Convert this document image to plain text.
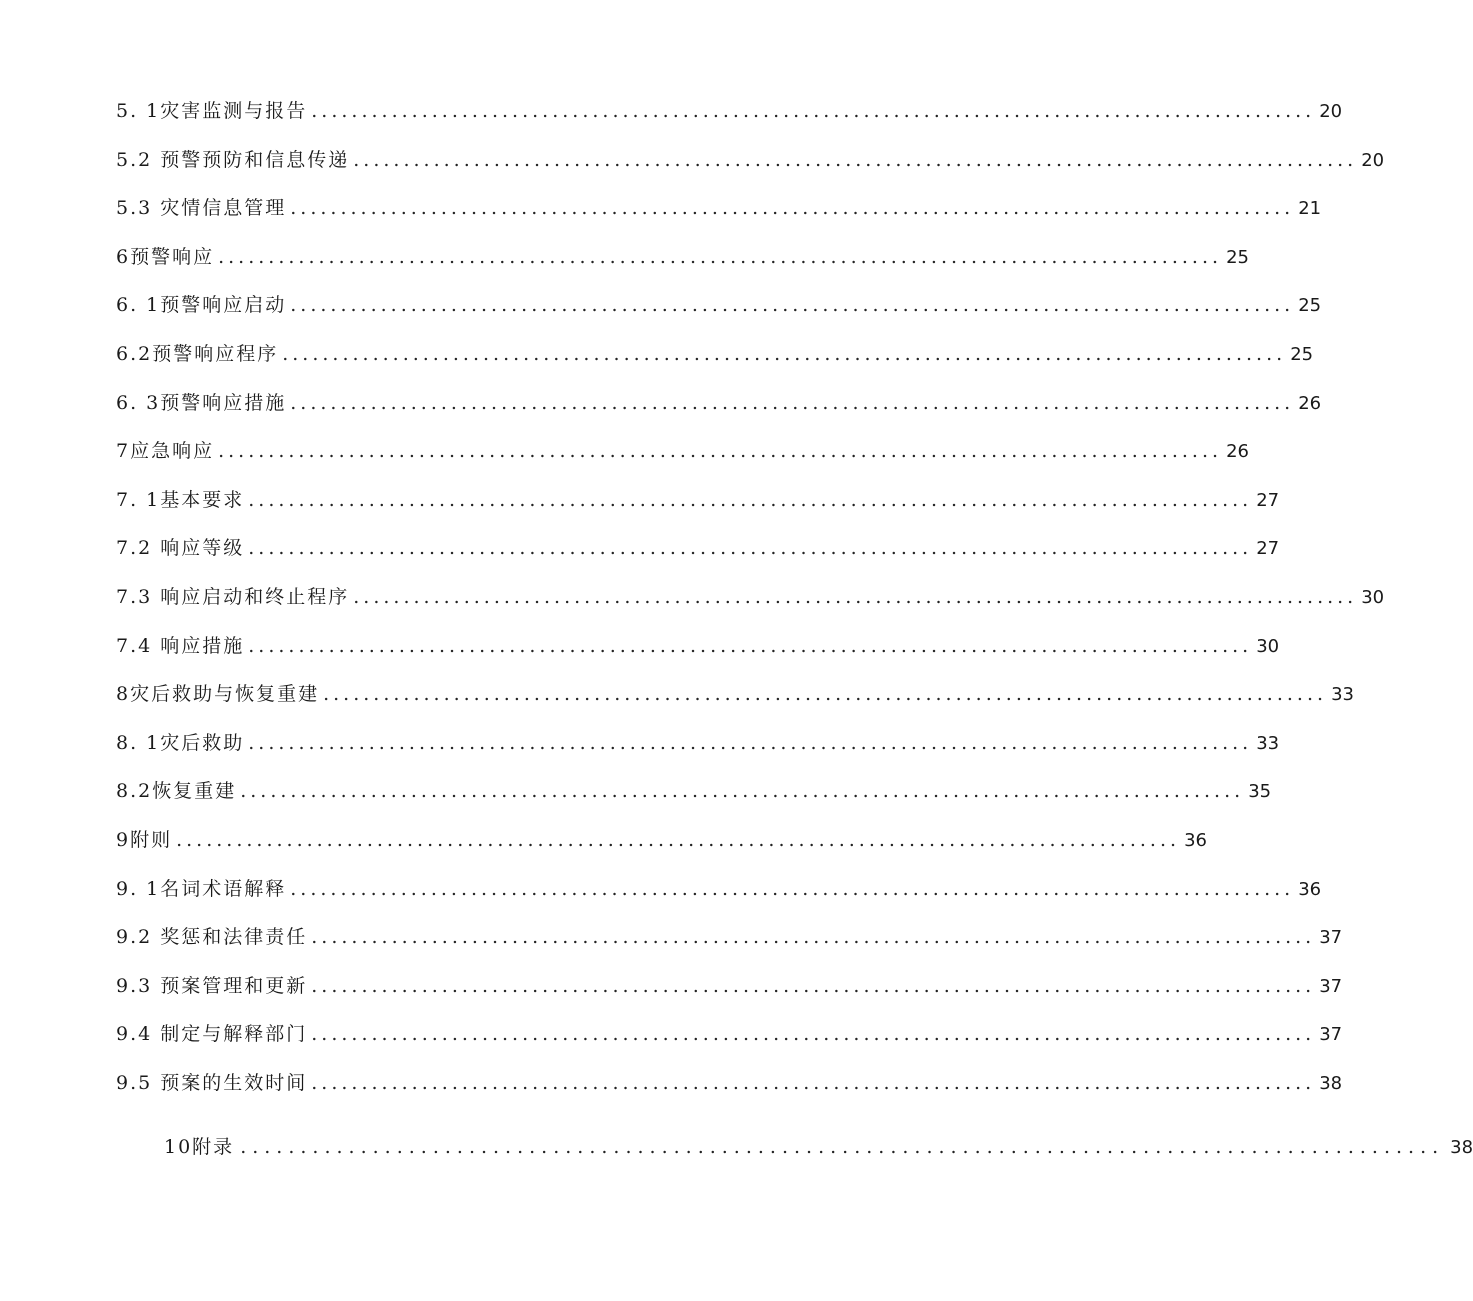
5. 1灾害监测与报告 .................................................................................................... 20
5.2 预警预防和信息传递 .................................................................................................... 20
5.3 灾情信息管理 .................................................................................................... 21
6预警响应 .................................................................................................... 25
6. 1预警响应启动 .................................................................................................... 25
6.2预警响应程序 .................................................................................................... 25
6. 3预警响应措施 .................................................................................................... 26
7应急响应 .................................................................................................... 26
7. 1基本要求 .................................................................................................... 27
7.2 响应等级 .................................................................................................... 27
7.3 响应启动和终止程序 .................................................................................................... 30
7.4 响应措施 .................................................................................................... 30
8灾后救助与恢复重建 .................................................................................................... 33
8. 1灾后救助 .................................................................................................... 33
8.2恢复重建 .................................................................................................... 35
9附则 .................................................................................................... 36
9. 1名词术语解释 .................................................................................................... 36
9.2 奖惩和法律责任 .................................................................................................... 37
9.3 预案管理和更新 .................................................................................................... 37
9.4 制定与解释部门 .................................................................................................... 37
9.5 预案的生效时间 .................................................................................................... 38
10附录 .................................................................................................... 38
